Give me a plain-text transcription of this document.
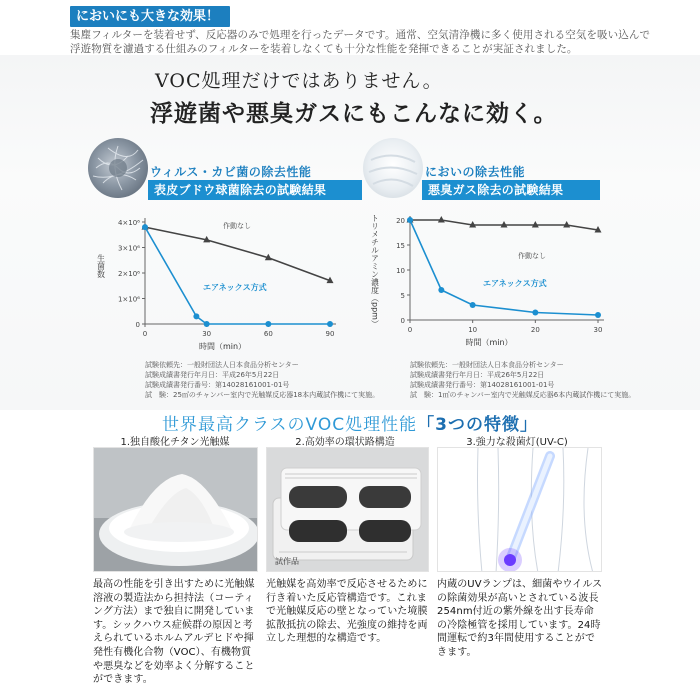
においにも大きな効果！
集塵フィルターを装着せず、反応器のみで処理を行ったデータです。通常、空気清浄機に多く使用される空気を吸い込んで浮遊物質を濾過する仕組みのフィルターを装着しなくても十分な性能を発揮できることが実証されました。
VOC処理だけではありません。
浮遊菌や悪臭ガスにもこんなに効く。
ウィルス・カビ菌の除去性能
表皮ブドウ球菌除去の試験結果
においの除去性能
悪臭ガス除去の試験結果
0
1×10⁶
2×10⁶
3×10⁶
4×10⁶
0	30	60	90
時間（min）
生菌数
作動なし
エアネックス方式
0
5
10
15
20
0	10	20	30
時間（min）
トリメチルアミン濃度（ppm）	作動なし
エアネックス方式
試験依頼先：一般財団法人日本食品分析センター
試験成績書発行年月日：平成26年5月22日
試験成績書発行番号：第14028161001-01号
試　験：25㎥のチャンバー室内で光触媒反応器18本内蔵試作機にて実施。
試験依頼先：一般財団法人日本食品分析センター
試験成績書発行年月日：平成26年5月22日
試験成績書発行番号：第14028161001-01号
試　験：1㎥のチャンバー室内で光触媒反応器6本内蔵試作機にて実施。
世界最高クラスのVOC処理性能「3つの特徴」
1.独自酸化チタン光触媒	2.高効率の環状路構造	3.強力な殺菌灯(UV-C)
試作品
最高の性能を引き出すために光触媒溶液の製造法から担持法（コーティング方法）まで独自に開発しています。シックハウス症候群の原因と考えられているホルムアルデヒドや揮発性有機化合物（VOC）、有機物質や悪臭などを効率よく分解することができます。
光触媒を高効率で反応させるために行き着いた反応管構造です。これまで光触媒反応の壁となっていた境膜拡散抵抗の除去、光強度の維持を両立した理想的な構造です。
内蔵のUVランプは、細菌やウイルスの除菌効果が高いとされている波長254nm付近の紫外線を出す長寿命の冷陰極管を採用しています。24時間運転で約3年間使用することができます。
